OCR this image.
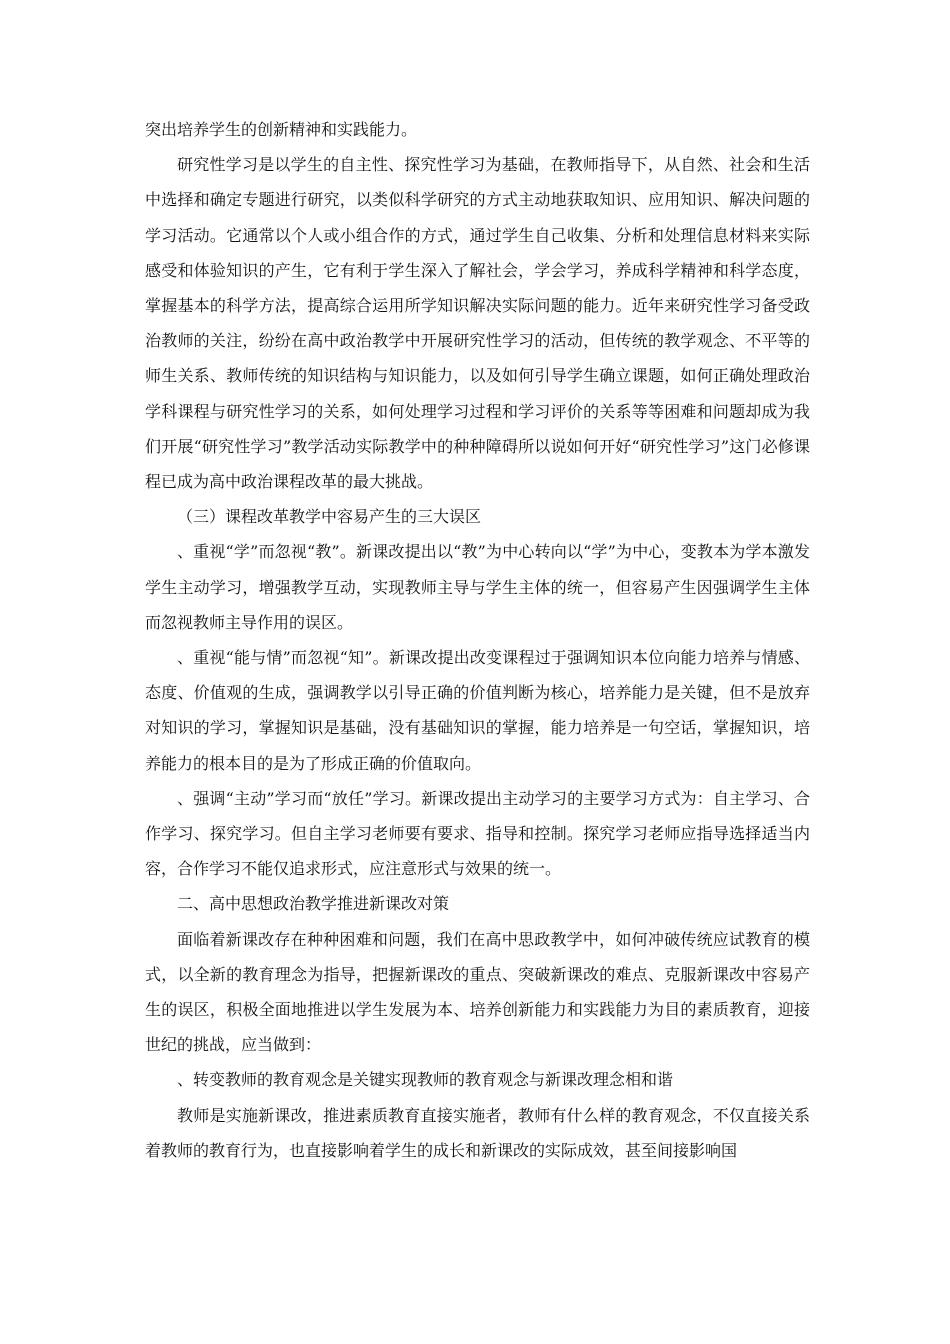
突出培养学生的创新精神和实践能力。

研究性学习是以学生的自主性、探究性学习为基础，在教师指导下，从自然、社会和生活中选择和确定专题进行研究，以类似科学研究的方式主动地获取知识、应用知识、解决问题的学习活动。它通常以个人或小组合作的方式，通过学生自己收集、分析和处理信息材料来实际感受和体验知识的产生，它有利于学生深入了解社会，学会学习，养成科学精神和科学态度，掌握基本的科学方法，提高综合运用所学知识解决实际问题的能力。近年来研究性学习备受政治教师的关注，纷纷在高中政治教学中开展研究性学习的活动，但传统的教学观念、不平等的师生关系、教师传统的知识结构与知识能力，以及如何引导学生确立课题，如何正确处理政治学科课程与研究性学习的关系，如何处理学习过程和学习评价的关系等等困难和问题却成为我们开展“研究性学习”教学活动实际教学中的种种障碍所以说如何开好“研究性学习”这门必修课程已成为高中政治课程改革的最大挑战。

（三）课程改革教学中容易产生的三大误区

、重视“学”而忽视“教”。新课改提出以“教”为中心转向以“学”为中心，变教本为学本激发学生主动学习，增强教学互动，实现教师主导与学生主体的统一，但容易产生因强调学生主体而忽视教师主导作用的误区。

、重视“能与情”而忽视“知”。新课改提出改变课程过于强调知识本位向能力培养与情感、态度、价值观的生成，强调教学以引导正确的价值判断为核心，培养能力是关键，但不是放弃对知识的学习，掌握知识是基础，没有基础知识的掌握，能力培养是一句空话，掌握知识，培养能力的根本目的是为了形成正确的价值取向。

、强调“主动”学习而“放任”学习。新课改提出主动学习的主要学习方式为：自主学习、合作学习、探究学习。但自主学习老师要有要求、指导和控制。探究学习老师应指导选择适当内容，合作学习不能仅追求形式，应注意形式与效果的统一。

二、高中思想政治教学推进新课改对策

面临着新课改存在种种困难和问题，我们在高中思政教学中，如何冲破传统应试教育的模式，以全新的教育理念为指导，把握新课改的重点、突破新课改的难点、克服新课改中容易产生的误区，积极全面地推进以学生发展为本、培养创新能力和实践能力为目的素质教育，迎接世纪的挑战，应当做到：

、转变教师的教育观念是关键实现教师的教育观念与新课改理念相和谐

教师是实施新课改，推进素质教育直接实施者，教师有什么样的教育观念，不仅直接关系着教师的教育行为，也直接影响着学生的成长和新课改的实际成效，甚至间接影响国
